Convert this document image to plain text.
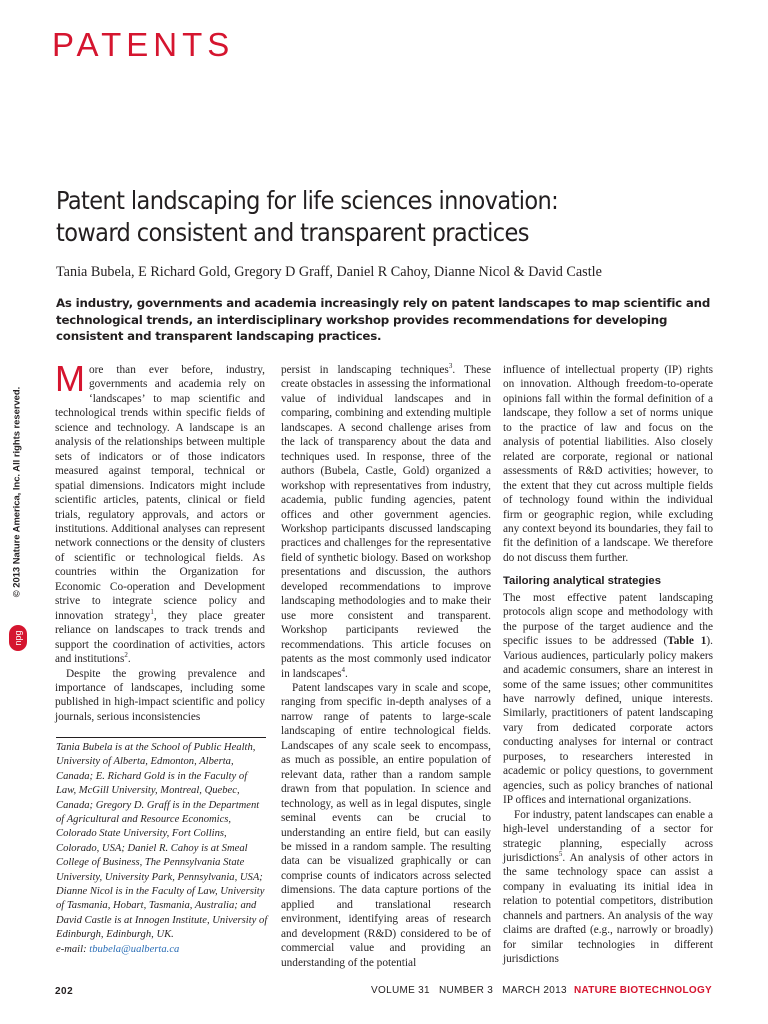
PATENTS
Patent landscaping for life sciences innovation:
toward consistent and transparent practices
Tania Bubela, E Richard Gold, Gregory D Graff, Daniel R Cahoy, Dianne Nicol & David Castle
As industry, governments and academia increasingly rely on patent landscapes to map scientific and technological trends, an interdisciplinary workshop provides recommendations for developing consistent and transparent landscaping practices.
© 2013 Nature America, Inc. All rights reserved.
npg

More than ever before, industry, governments and academia rely on ‘landscapes’ to map scientific and technological trends within specific fields of science and technology. A landscape is an analysis of the relationships between multiple sets of indicators or of those indicators measured against temporal, technical or spatial dimensions. Indicators might include scientific articles, patents, clinical or field trials, regulatory approvals, and actors or institutions. Additional analyses can represent network connections or the density of clusters of scientific or technological fields. As countries within the Organization for Economic Co-operation and Development strive to integrate science policy and innovation strategy$^1$, they place greater reliance on landscapes to track trends and support the coordination of activities, actors and institutions$^2$.

Despite the growing prevalence and importance of landscapes, including some published in high-impact scientific and policy journals, serious inconsistencies

Tania Bubela is at the School of Public Health, University of Alberta, Edmonton, Alberta, Canada; E. Richard Gold is in the Faculty of Law, McGill University, Montreal, Quebec, Canada; Gregory D. Graff is in the Department of Agricultural and Resource Economics, Colorado State University, Fort Collins, Colorado, USA; Daniel R. Cahoy is at Smeal College of Business, The Pennsylvania State University, University Park, Pennsylvania, USA; Dianne Nicol is in the Faculty of Law, University of Tasmania, Hobart, Tasmania, Australia; and David Castle is at Innogen Institute, University of Edinburgh, Edinburgh, UK.
e-mail: tbubela@ualberta.ca

persist in landscaping techniques$^3$. These create obstacles in assessing the informational value of individual landscapes and in comparing, combining and extending multiple landscapes. A second challenge arises from the lack of transparency about the data and techniques used. In response, three of the authors (Bubela, Castle, Gold) organized a workshop with representatives from industry, academia, public funding agencies, patent offices and other government agencies. Workshop participants discussed landscaping practices and challenges for the representative field of synthetic biology. Based on workshop presentations and discussion, the authors developed recommendations to improve landscaping methodologies and to make their use more consistent and transparent. Workshop participants reviewed the recommendations. This article focuses on patents as the most commonly used indicator in landscapes$^4$.

Patent landscapes vary in scale and scope, ranging from specific in-depth analyses of a narrow range of patents to large-scale landscaping of entire technological fields. Landscapes of any scale seek to encompass, as much as possible, an entire population of relevant data, rather than a random sample drawn from that population. In science and technology, as well as in legal disputes, single seminal events can be crucial to understanding an entire field, but can easily be missed in a random sample. The resulting data can be visualized graphically or can comprise counts of indicators across selected dimensions. The data capture portions of the applied and translational research environment, identifying areas of research and development (R&D) considered to be of commercial value and providing an understanding of the potential

influence of intellectual property (IP) rights on innovation. Although freedom-to-operate opinions fall within the formal definition of a landscape, they follow a set of norms unique to the practice of law and focus on the analysis of potential liabilities. Also closely related are corporate, regional or national assessments of R&D activities; however, to the extent that they cut across multiple fields of technology found within the individual firm or geographic region, while excluding any context beyond its boundaries, they fail to fit the definition of a landscape. We therefore do not discuss them further.

Tailoring analytical strategies

The most effective patent landscaping protocols align scope and methodology with the purpose of the target audience and the specific issues to be addressed (Table 1). Various audiences, particularly policy makers and academic consumers, share an interest in some of the same issues; other communitites have narrowly defined, unique interests. Similarly, practitioners of patent landscaping vary from dedicated corporate actors conducting analyses for internal or contract purposes, to researchers interested in academic or policy questions, to government agencies, such as policy branches of national IP offices and international organizations.

For industry, patent landscapes can enable a high-level understanding of a sector for strategic planning, especially across jurisdictions$^5$. An analysis of other actors in the same technology space can assist a company in evaluating its initial idea in relation to potential competitors, distribution channels and partners. An analysis of the way claims are drafted (e.g., narrowly or broadly) for similar technologies in different jurisdictions

202	VOLUME 31 NUMBER 3 MARCH 2013 NATURE BIOTECHNOLOGY
